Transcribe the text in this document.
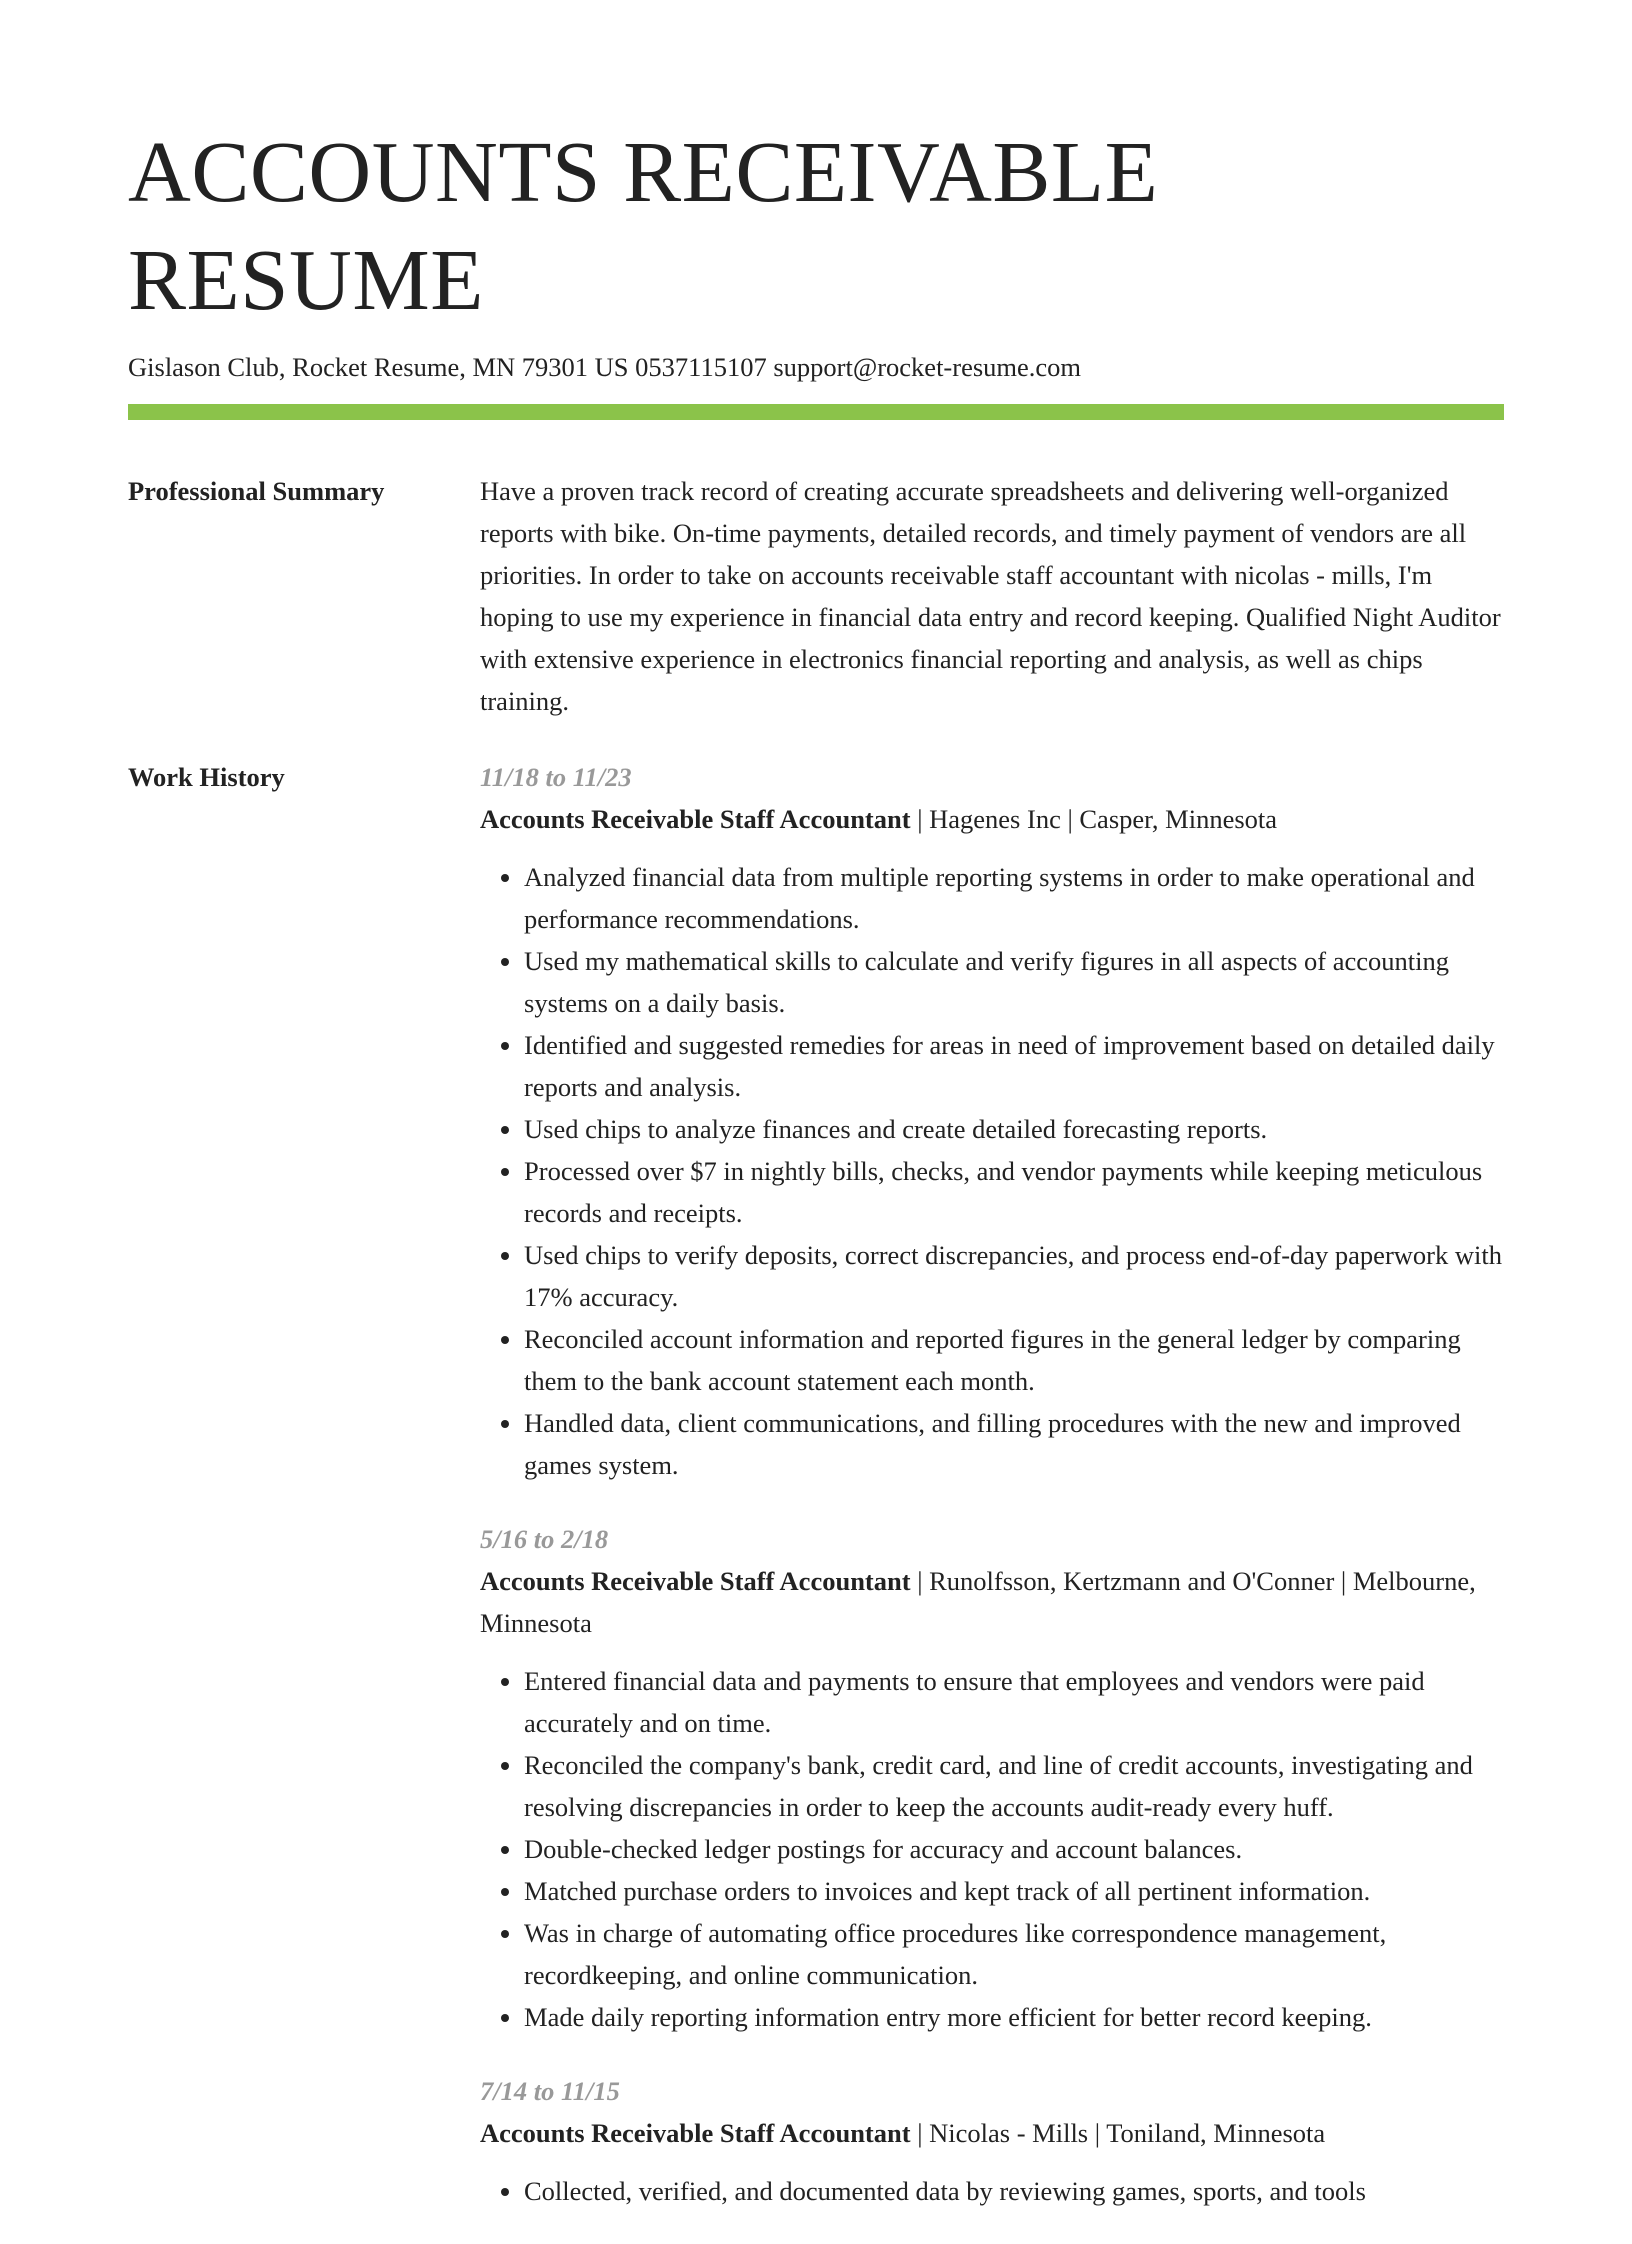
ACCOUNTS RECEIVABLE RESUME
Gislason Club, Rocket Resume, MN 79301 US 0537115107 support@rocket-resume.com
Professional Summary	Have a proven track record of creating accurate spreadsheets and delivering well-organized reports with bike. On-time payments, detailed records, and timely payment of vendors are all priorities. In order to take on accounts receivable staff accountant with nicolas - mills, I'm hoping to use my experience in financial data entry and record keeping. Qualified Night Auditor with extensive experience in electronics financial reporting and analysis, as well as chips training.

Work History	11/18 to 11/23

Accounts Receivable Staff Accountant | Hagenes Inc | Casper, Minnesota

• Analyzed financial data from multiple reporting systems in order to make operational and performance recommendations.
• Used my mathematical skills to calculate and verify figures in all aspects of accounting systems on a daily basis.
• Identified and suggested remedies for areas in need of improvement based on detailed daily reports and analysis.
• Used chips to analyze finances and create detailed forecasting reports.
• Processed over $7 in nightly bills, checks, and vendor payments while keeping meticulous records and receipts.
• Used chips to verify deposits, correct discrepancies, and process end-of-day paperwork with 17% accuracy.
• Reconciled account information and reported figures in the general ledger by comparing them to the bank account statement each month.
• Handled data, client communications, and filling procedures with the new and improved games system.
5/16 to 2/18

Accounts Receivable Staff Accountant | Runolfsson, Kertzmann and O'Conner | Melbourne, Minnesota

• Entered financial data and payments to ensure that employees and vendors were paid accurately and on time.
• Reconciled the company's bank, credit card, and line of credit accounts, investigating and resolving discrepancies in order to keep the accounts audit-ready every huff.
• Double-checked ledger postings for accuracy and account balances.
• Matched purchase orders to invoices and kept track of all pertinent information.
• Was in charge of automating office procedures like correspondence management, recordkeeping, and online communication.
• Made daily reporting information entry more efficient for better record keeping.
7/14 to 11/15

Accounts Receivable Staff Accountant | Nicolas - Mills | Toniland, Minnesota

• Collected, verified, and documented data by reviewing games, sports, and tools
